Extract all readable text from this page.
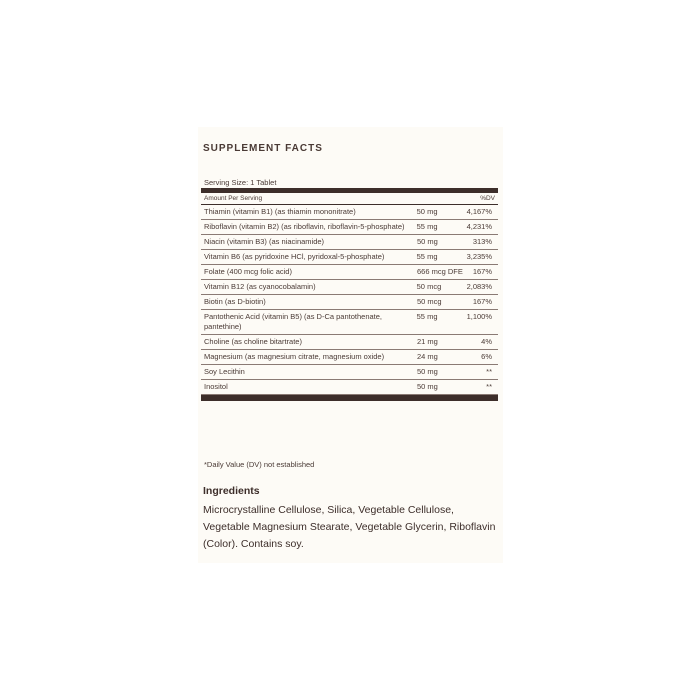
SUPPLEMENT FACTS
Serving Size: 1 Tablet
Amount Per Serving	%DV
Thiamin (vitamin B1) (as thiamin mononitrate)	50 mg	4,167%
Riboflavin (vitamin B2) (as riboflavin, riboflavin-5-phosphate)	55 mg	4,231%
Niacin (vitamin B3) (as niacinamide)	50 mg	313%
Vitamin B6 (as pyridoxine HCl, pyridoxal-5-phosphate)	55 mg	3,235%
Folate (400 mcg folic acid)	666 mcg DFE	167%
Vitamin B12 (as cyanocobalamin)	50 mcg	2,083%
Biotin (as D-biotin)	50 mcg	167%
Pantothenic Acid (vitamin B5) (as D-Ca pantothenate, pantethine)
55 mg	1,100%
Choline (as choline bitartrate)	21 mg	4%
Magnesium (as magnesium citrate, magnesium oxide)	24 mg	6%
Soy Lecithin	50 mg	**
Inositol	50 mg	**
*Daily Value (DV) not established
Ingredients
Microcrystalline Cellulose, Silica, Vegetable Cellulose, Vegetable Magnesium Stearate, Vegetable Glycerin, Riboflavin (Color). Contains soy.
